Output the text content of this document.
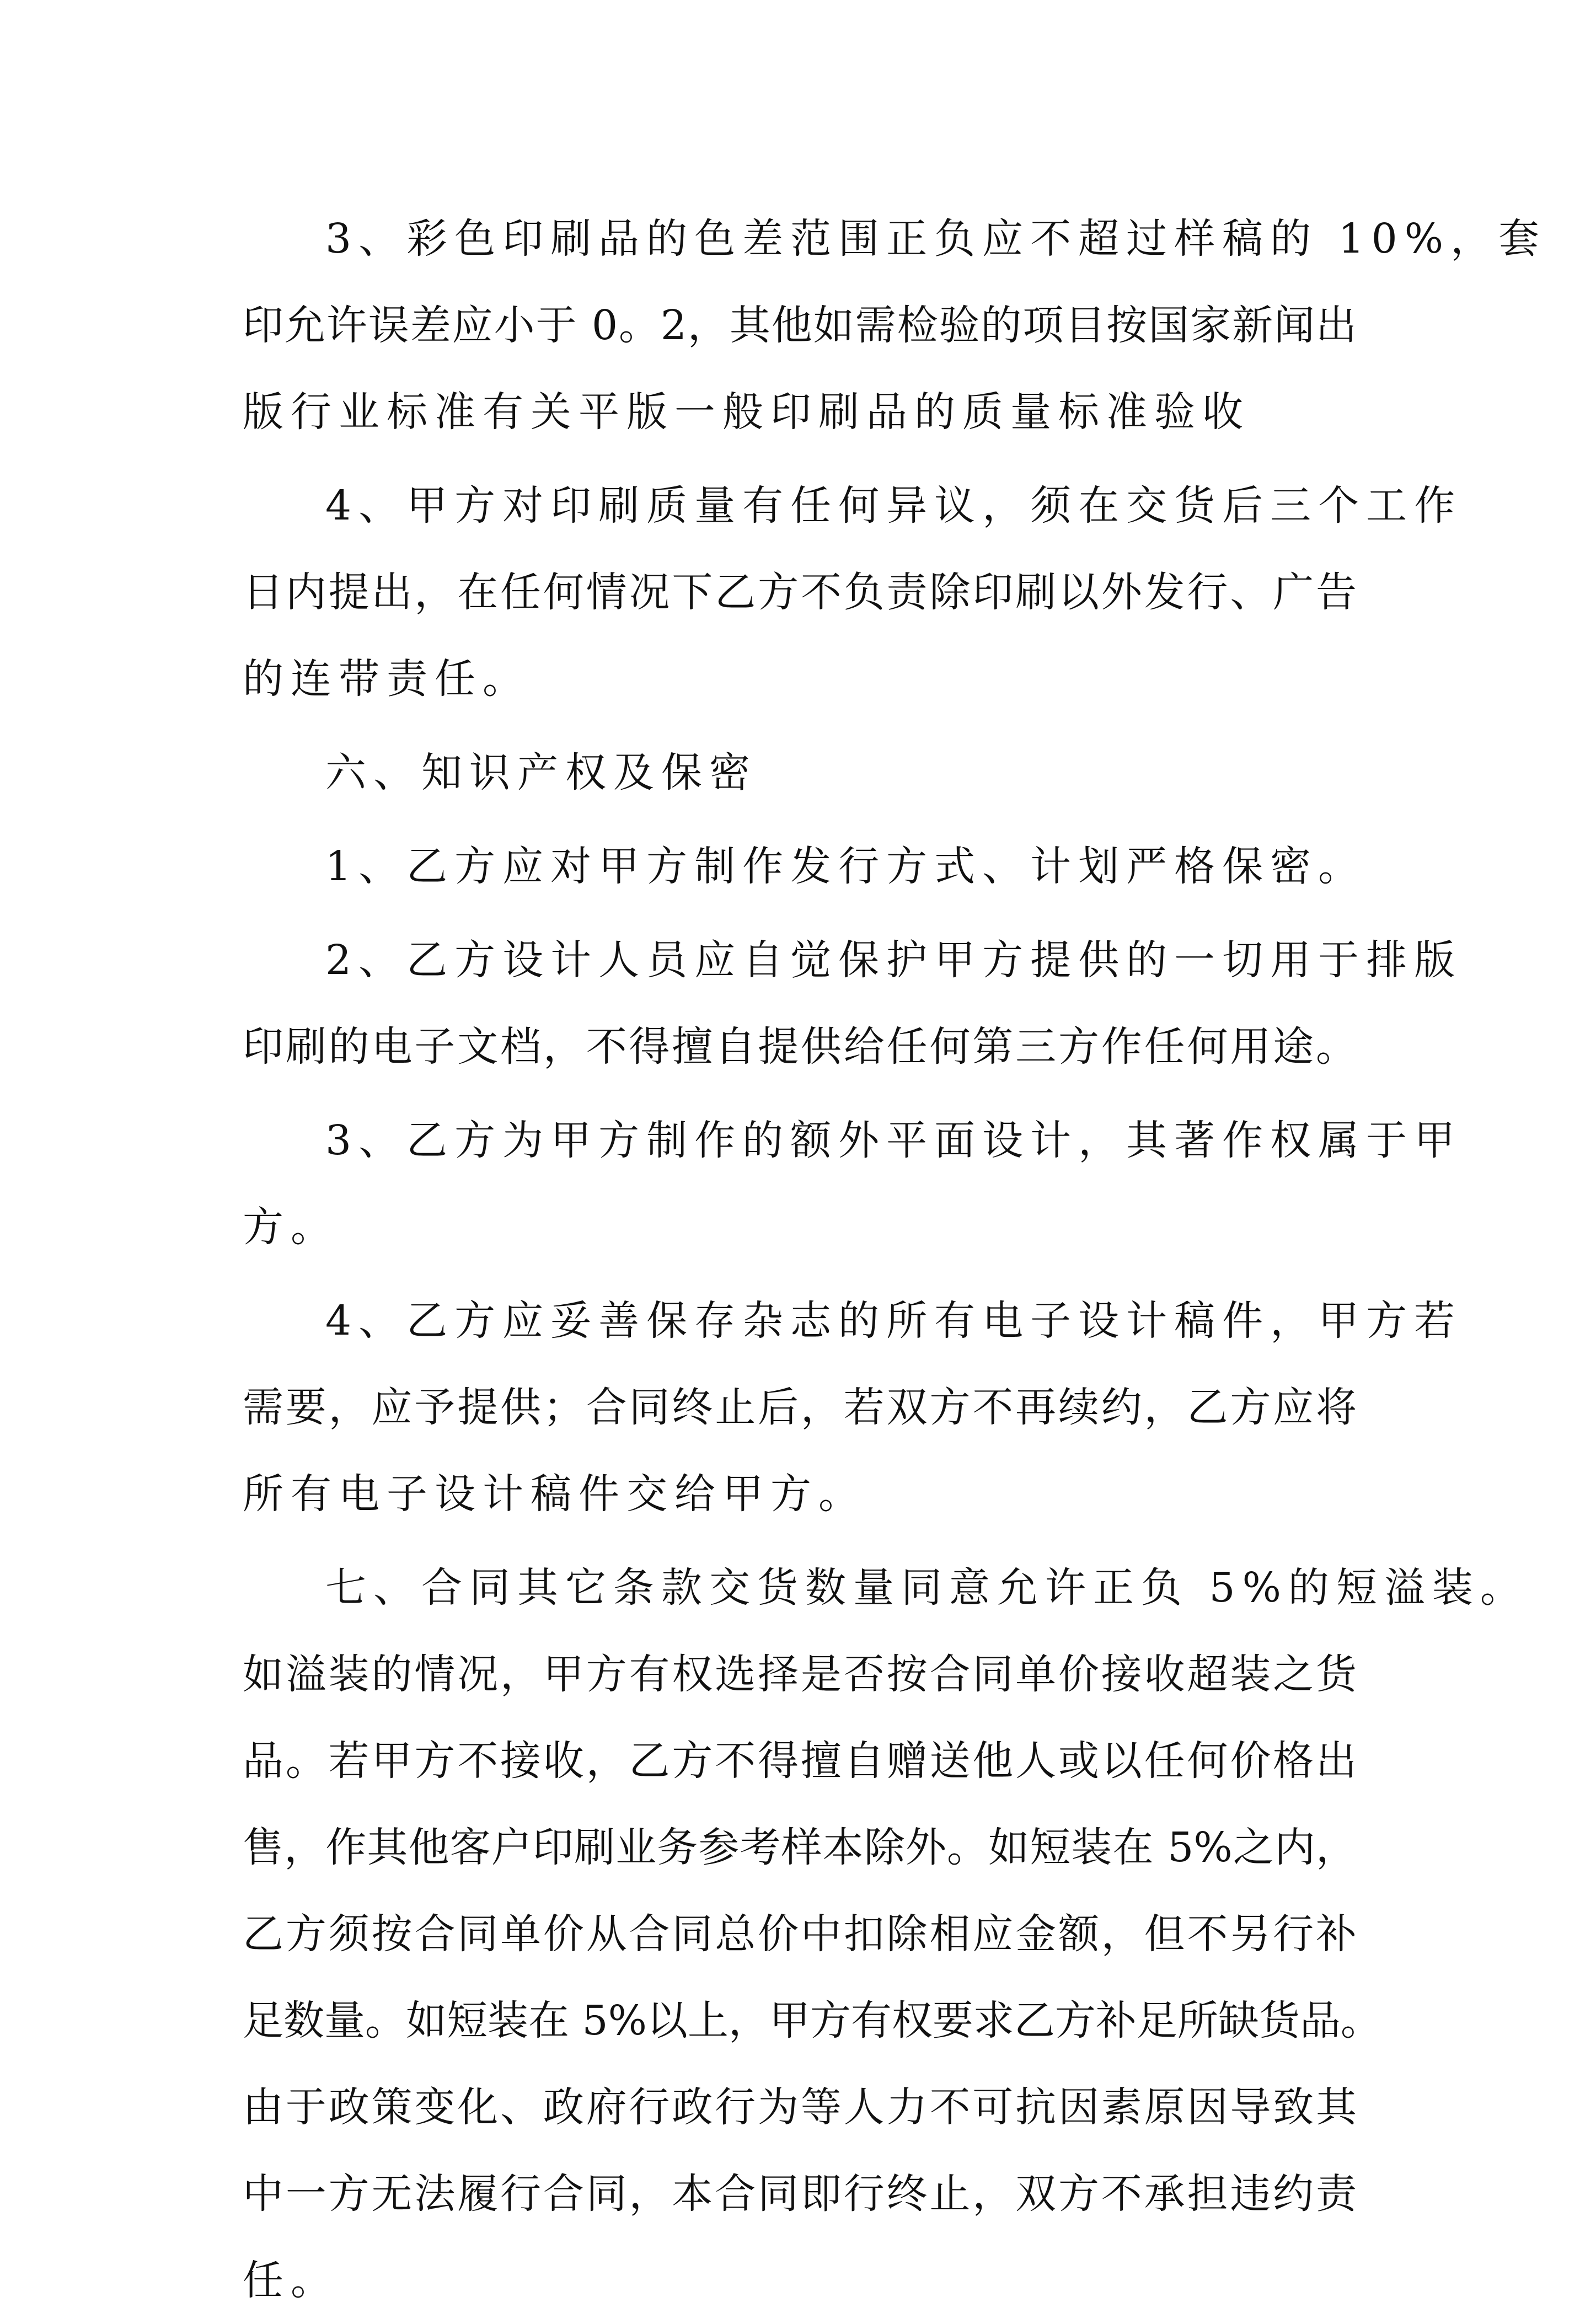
3、彩色印刷品的色差范围正负应不超过样稿的 10%，套
印允许误差应小于 0。2，其他如需检验的项目按国家新闻出
版行业标准有关平版一般印刷品的质量标准验收
4、甲方对印刷质量有任何异议，须在交货后三个工作
日内提出，在任何情况下乙方不负责除印刷以外发行、广告
的连带责任。
六、知识产权及保密
1、乙方应对甲方制作发行方式、计划严格保密。
2、乙方设计人员应自觉保护甲方提供的一切用于排版
印刷的电子文档，不得擅自提供给任何第三方作任何用途。
3、乙方为甲方制作的额外平面设计，其著作权属于甲
方。
4、乙方应妥善保存杂志的所有电子设计稿件，甲方若
需要，应予提供；合同终止后，若双方不再续约，乙方应将
所有电子设计稿件交给甲方。
七、合同其它条款交货数量同意允许正负 5%的短溢装。
如溢装的情况，甲方有权选择是否按合同单价接收超装之货
品。若甲方不接收，乙方不得擅自赠送他人或以任何价格出
售，作其他客户印刷业务参考样本除外。如短装在 5%之内，
乙方须按合同单价从合同总价中扣除相应金额，但不另行补
足数量。如短装在 5%以上，甲方有权要求乙方补足所缺货品。
由于政策变化、政府行政行为等人力不可抗因素原因导致其
中一方无法履行合同，本合同即行终止，双方不承担违约责
任。
